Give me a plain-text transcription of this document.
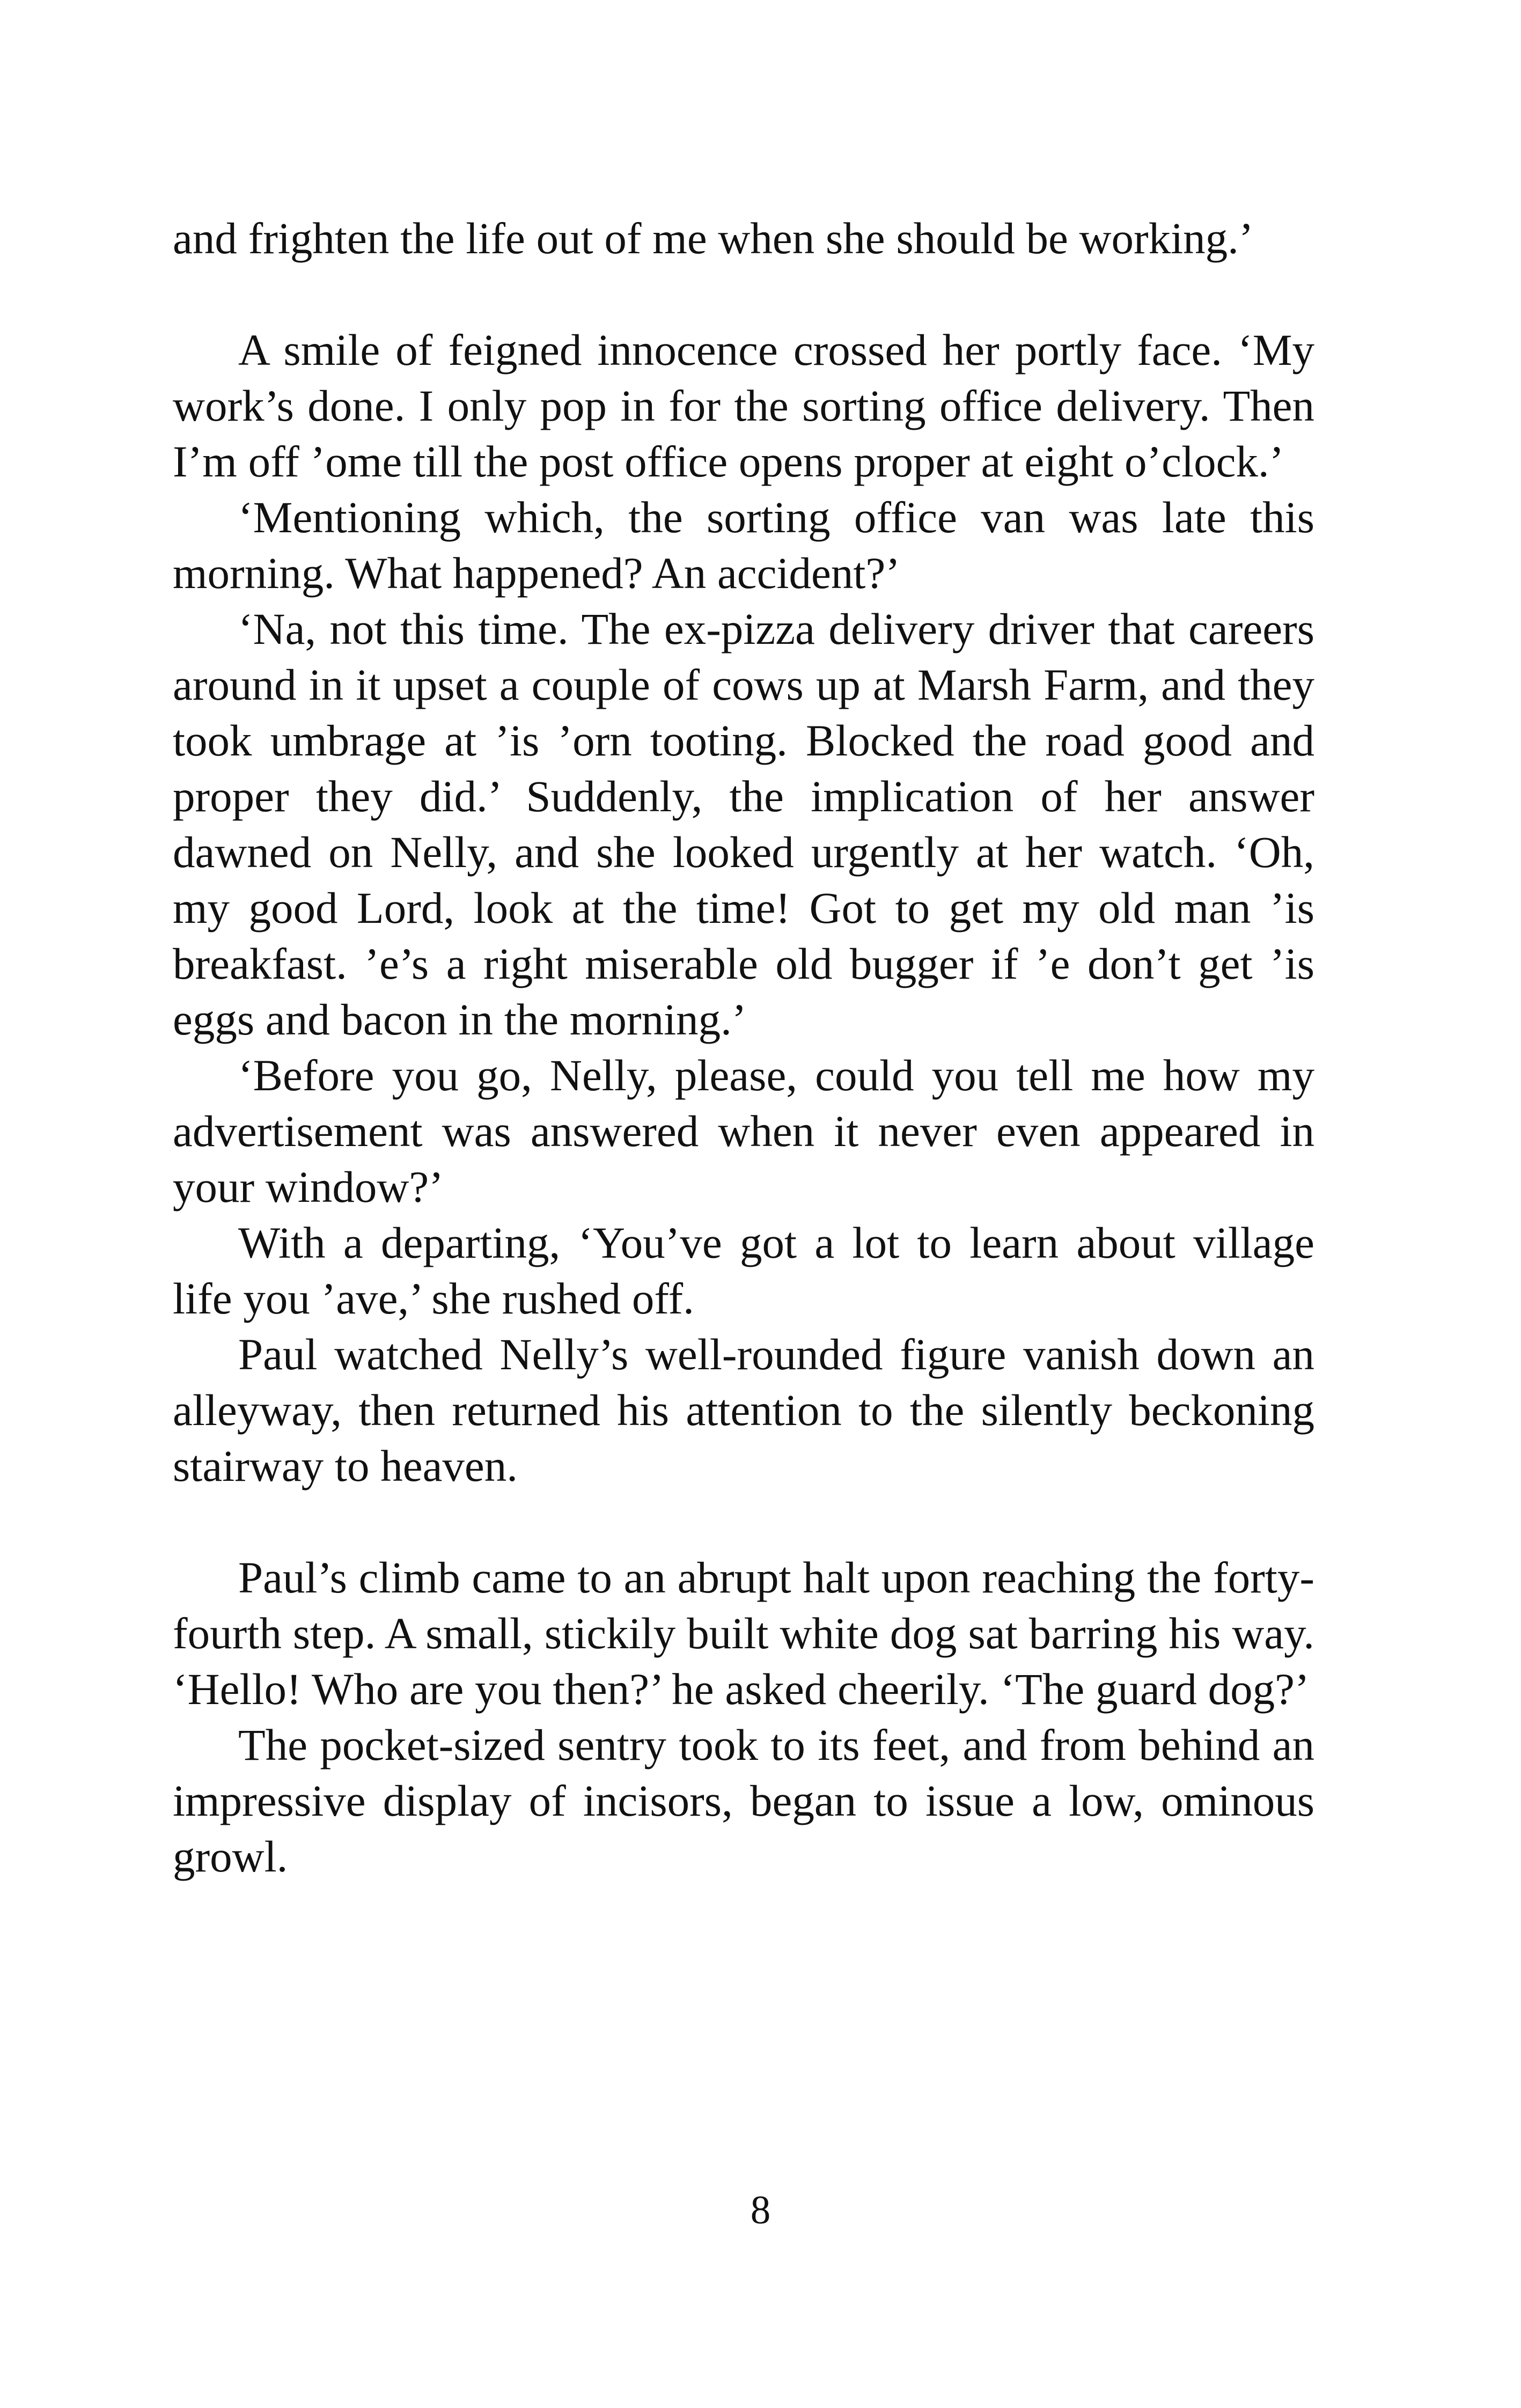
and frighten the life out of me when she should be working.’

A smile of feigned innocence crossed her portly face. ‘My work’s done. I only pop in for the sorting office delivery. Then I’m off ’ome till the post office opens proper at eight o’clock.’

‘Mentioning which, the sorting office van was late this morning. What happened? An accident?’

‘Na, not this time. The ex-pizza delivery driver that careers around in it upset a couple of cows up at Marsh Farm, and they took umbrage at ’is ’orn tooting. Blocked the road good and proper they did.’ Suddenly, the implication of her answer dawned on Nelly, and she looked urgently at her watch. ‘Oh, my good Lord, look at the time! Got to get my old man ’is breakfast. ’e’s a right miserable old bugger if ’e don’t get ’is eggs and bacon in the morning.’

‘Before you go, Nelly, please, could you tell me how my advertisement was answered when it never even appeared in your window?’

With a departing, ‘You’ve got a lot to learn about village life you ’ave,’ she rushed off.

Paul watched Nelly’s well-rounded figure vanish down an alleyway, then returned his attention to the silently beckoning stairway to heaven.

Paul’s climb came to an abrupt halt upon reaching the forty-fourth step. A small, stickily built white dog sat barring his way. ‘Hello! Who are you then?’ he asked cheerily. ‘The guard dog?’

The pocket-sized sentry took to its feet, and from behind an impressive display of incisors, began to issue a low, ominous growl.

8
